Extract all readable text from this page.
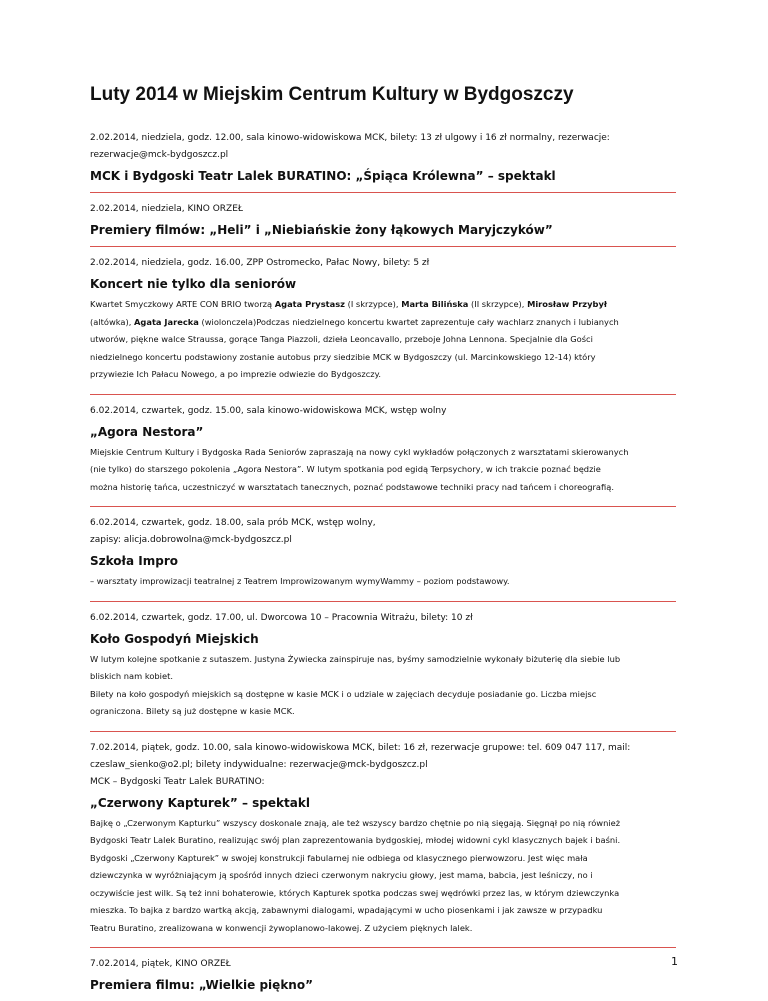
Luty 2014 w Miejskim Centrum Kultury w Bydgoszczy

2.02.2014, niedziela, godz. 12.00, sala kinowo-widowiskowa MCK, bilety: 13 zł ulgowy i 16 zł normalny, rezerwacje:
rezerwacje@mck-bydgoszcz.pl

MCK i Bydgoski Teatr Lalek BURATINO: „Śpiąca Królewna” – spektakl

2.02.2014, niedziela, KINO ORZEŁ

Premiery filmów: „Heli” i „Niebiańskie żony łąkowych Maryjczyków”

2.02.2014, niedziela, godz. 16.00, ZPP Ostromecko, Pałac Nowy, bilety: 5 zł

Koncert nie tylko dla seniorów

Kwartet Smyczkowy ARTE CON BRIO tworzą Agata Prystasz (I skrzypce), Marta Bilińska (II skrzypce), Mirosław Przybył
(altówka), Agata Jarecka (wiolonczela)Podczas niedzielnego koncertu kwartet zaprezentuje cały wachlarz znanych i lubianych
utworów, piękne walce Straussa, gorące Tanga Piazzoli, dzieła Leoncavallo, przeboje Johna Lennona. Specjalnie dla Gości
niedzielnego koncertu podstawiony zostanie autobus przy siedzibie MCK w Bydgoszczy (ul. Marcinkowskiego 12-14) który
przywiezie Ich Pałacu Nowego, a po imprezie odwiezie do Bydgoszczy.

6.02.2014, czwartek, godz. 15.00, sala kinowo-widowiskowa MCK, wstęp wolny

„Agora Nestora”

Miejskie Centrum Kultury i Bydgoska Rada Seniorów zapraszają na nowy cykl wykładów połączonych z warsztatami skierowanych
(nie tylko) do starszego pokolenia „Agora Nestora”. W lutym spotkania pod egidą Terpsychory, w ich trakcie poznać będzie
można historię tańca, uczestniczyć w warsztatach tanecznych, poznać podstawowe techniki pracy nad tańcem i choreografią.

6.02.2014, czwartek, godz. 18.00, sala prób MCK, wstęp wolny,
zapisy: alicja.dobrowolna@mck-bydgoszcz.pl

Szkoła Impro

– warsztaty improwizacji teatralnej z Teatrem Improwizowanym wymyWammy – poziom podstawowy.

6.02.2014, czwartek, godz. 17.00, ul. Dworcowa 10 – Pracownia Witrażu, bilety: 10 zł

Koło Gospodyń Miejskich

W lutym kolejne spotkanie z sutaszem. Justyna Żywiecka zainspiruje nas, byśmy samodzielnie wykonały biżuterię dla siebie lub
bliskich nam kobiet.
Bilety na koło gospodyń miejskich są dostępne w kasie MCK i o udziale w zajęciach decyduje posiadanie go. Liczba miejsc
ograniczona. Bilety są już dostępne w kasie MCK.

7.02.2014, piątek, godz. 10.00, sala kinowo-widowiskowa MCK, bilet: 16 zł, rezerwacje grupowe: tel. 609 047 117, mail:
czeslaw_sienko@o2.pl; bilety indywidualne: rezerwacje@mck-bydgoszcz.pl
MCK – Bydgoski Teatr Lalek BURATINO:

„Czerwony Kapturek” – spektakl

Bajkę o „Czerwonym Kapturku” wszyscy doskonale znają, ale też wszyscy bardzo chętnie po nią sięgają. Sięgnął po nią również
Bydgoski Teatr Lalek Buratino, realizując swój plan zaprezentowania bydgoskiej, młodej widowni cykl klasycznych bajek i baśni.
Bydgoski „Czerwony Kapturek” w swojej konstrukcji fabularnej nie odbiega od klasycznego pierwowzoru. Jest więc mała
dziewczynka w wyróżniającym ją spośród innych dzieci czerwonym nakryciu głowy, jest mama, babcia, jest leśniczy, no i
oczywiście jest wilk. Są też inni bohaterowie, których Kapturek spotka podczas swej wędrówki przez las, w którym dziewczynka
mieszka. To bajka z bardzo wartką akcją, zabawnymi dialogami, wpadającymi w ucho piosenkami i jak zawsze w przypadku
Teatru Buratino, zrealizowana w konwencji żywoplanowo-lakowej. Z użyciem pięknych lalek.

7.02.2014, piątek, KINO ORZEŁ

Premiera filmu: „Wielkie piękno”
1
